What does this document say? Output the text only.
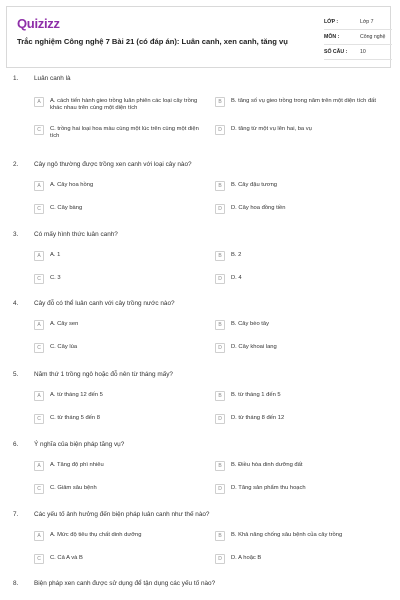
Quizizz
Trắc nghiệm Công nghệ 7 Bài 21 (có đáp án): Luân canh, xen canh, tăng vụ
LỚP :	Lớp 7
MÔN :	Công nghệ
SỐ CÂU : 10
1. Luân canh là
A	A. cách tiến hành gieo trồng luân phiên các loại cây trồng khác nhau trên cùng một diện tích
B	B. tăng số vụ gieo trồng trong năm trên một diện tích đất
C	C. trồng hai loại hoa màu cùng một lúc trên cùng một diện tích
D	D. tăng từ một vụ lên hai, ba vụ
2. Cây ngô thường được trồng xen canh với loại cây nào?
A	A. Cây hoa hồng	B	B. Cây đậu tương
C	C. Cây bàng	D	D. Cây hoa đồng tiền
3. Có mấy hình thức luân canh?
A	A. 1	B	B. 2
C	C. 3	D	D. 4
4. Cây đỗ có thể luân canh với cây trồng nước nào?
A	A. Cây sen	B	B. Cây bèo tây
C	C. Cây lúa	D	D. Cây khoai lang
5. Năm thứ 1 trồng ngô hoặc đỗ nên từ tháng mấy?
A	A. từ tháng 12 đến 5	B	B. từ tháng 1 đến 5
C	C. từ tháng 5 đến 8	D	D. từ tháng 8 đến 12
6. Ý nghĩa của biện pháp tăng vụ?
A	A. Tăng độ phì nhiêu	B	B. Điều hòa dinh dưỡng đất
C	C. Giảm sâu bệnh	D	D. Tăng sản phẩm thu hoạch
7. Các yếu tố ảnh hưởng đến biện pháp luân canh như thế nào?
A	A. Mức độ tiêu thụ chất dinh dưỡng	B	B. Khả năng chống sâu bệnh của cây trồng
C	C. Cả A và B	D	D. A hoặc B
8. Biện pháp xen canh được sử dụng để tận dụng các yếu tố nào?
